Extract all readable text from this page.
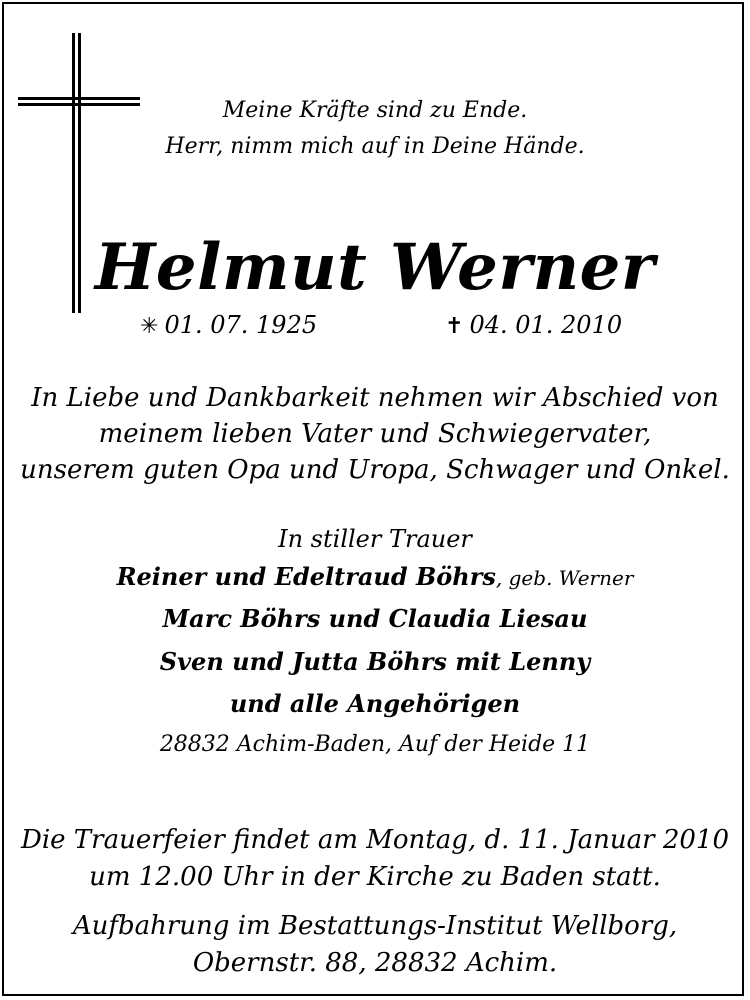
Meine Kräfte sind zu Ende.
Herr, nimm mich auf in Deine Hände.
Helmut Werner
✳ 01. 07. 1925	✝ 04. 01. 2010
In Liebe und Dankbarkeit nehmen wir Abschied von
meinem lieben Vater und Schwiegervater,
unserem guten Opa und Uropa, Schwager und Onkel.
In stiller Trauer
Reiner und Edeltraud Böhrs, geb. Werner
Marc Böhrs und Claudia Liesau
Sven und Jutta Böhrs mit Lenny
und alle Angehörigen
28832 Achim-Baden, Auf der Heide 11
Die Trauerfeier findet am Montag, d. 11. Januar 2010
um 12.00 Uhr in der Kirche zu Baden statt.
Aufbahrung im Bestattungs-Institut Wellborg,
Obernstr. 88, 28832 Achim.
